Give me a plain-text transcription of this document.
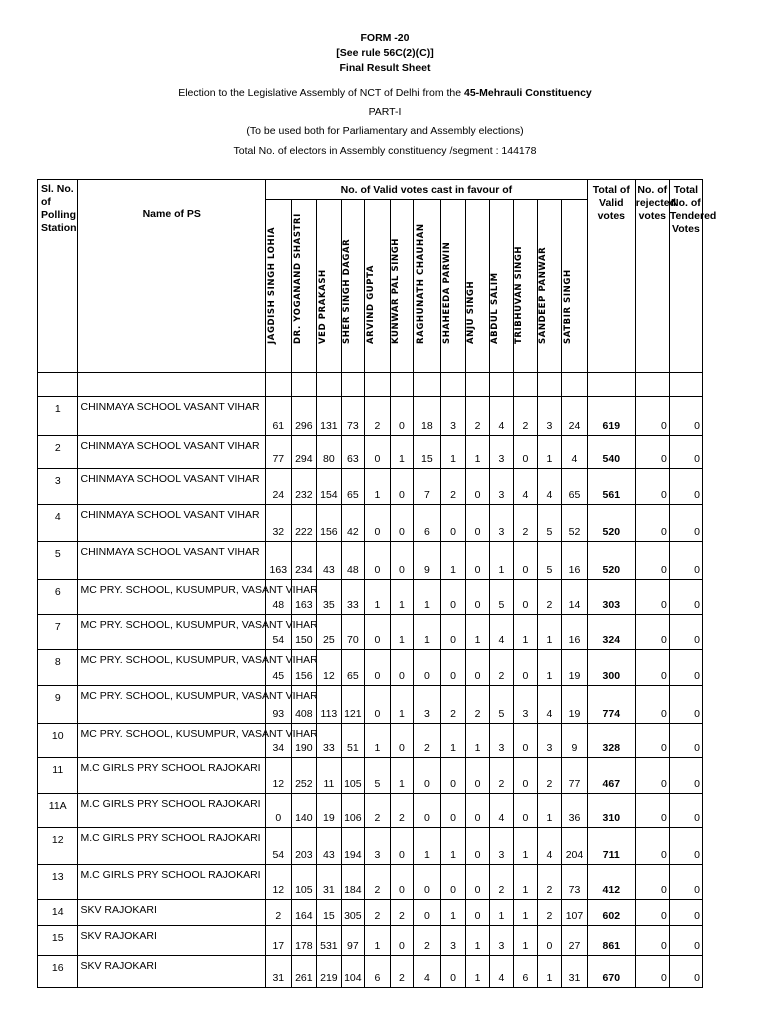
FORM -20
[See rule 56C(2)(C)]
Final Result Sheet
Election to the Legislative Assembly of NCT of Delhi from the 45-Mehrauli Constituency
PART-I
(To be used both for Parliamentary and Assembly elections)
Total No. of electors in Assembly constituency /segment : 144178
Sl. No. of Polling Station	Name of PS	No. of Valid votes cast in favour of													Total of Valid votes	No. of rejected votes	Total No. of Tendered Votes

		JAGDISH SINGH LOHIA	DR. YOGANAND SHASTRI	VED PRAKASH	SHER SINGH DAGAR	ARVIND GUPTA	KUNWAR PAL SINGH	RAGHUNATH CHAUHAN	SHAHEEDA PARWIN	ANJU SINGH	ABDUL SALIM	TRIBHUVAN SINGH	SANDEEP PANWAR	SATBIR SINGH			

1	CHINMAYA SCHOOL VASANT VIHAR	61	296	131	73	2	0	18	3	2	4	2	3	24	619	0	0
2	CHINMAYA SCHOOL VASANT VIHAR	77	294	80	63	0	1	15	1	1	3	0	1	4	540	0	0
3	CHINMAYA SCHOOL VASANT VIHAR	24	232	154	65	1	0	7	2	0	3	4	4	65	561	0	0
4	CHINMAYA SCHOOL VASANT VIHAR	32	222	156	42	0	0	6	0	0	3	2	5	52	520	0	0
5	CHINMAYA SCHOOL VASANT VIHAR	163	234	43	48	0	0	9	1	0	1	0	5	16	520	0	0
6	MC PRY. SCHOOL, KUSUMPUR, VASANT VIHAR	48	163	35	33	1	1	1	0	0	5	0	2	14	303	0	0
7	MC PRY. SCHOOL, KUSUMPUR, VASANT VIHAR	54	150	25	70	0	1	1	0	1	4	1	1	16	324	0	0
8	MC PRY. SCHOOL, KUSUMPUR, VASANT VIHAR	45	156	12	65	0	0	0	0	0	2	0	1	19	300	0	0
9	MC PRY. SCHOOL, KUSUMPUR, VASANT VIHAR	93	408	113	121	0	1	3	2	2	5	3	4	19	774	0	0
10	MC PRY. SCHOOL, KUSUMPUR, VASANT VIHAR	34	190	33	51	1	0	2	1	1	3	0	3	9	328	0	0
11	M.C GIRLS PRY SCHOOL RAJOKARI	12	252	11	105	5	1	0	0	0	2	0	2	77	467	0	0
11A	M.C GIRLS PRY SCHOOL RAJOKARI	0	140	19	106	2	2	0	0	0	4	0	1	36	310	0	0
12	M.C GIRLS PRY SCHOOL RAJOKARI	54	203	43	194	3	0	1	1	0	3	1	4	204	711	0	0
13	M.C GIRLS PRY SCHOOL RAJOKARI	12	105	31	184	2	0	0	0	0	2	1	2	73	412	0	0
14	SKV RAJOKARI	2	164	15	305	2	2	0	1	0	1	1	2	107	602	0	0
15	SKV RAJOKARI	17	178	531	97	1	0	2	3	1	3	1	0	27	861	0	0
16	SKV RAJOKARI	31	261	219	104	6	2	4	0	1	4	6	1	31	670	0	0
